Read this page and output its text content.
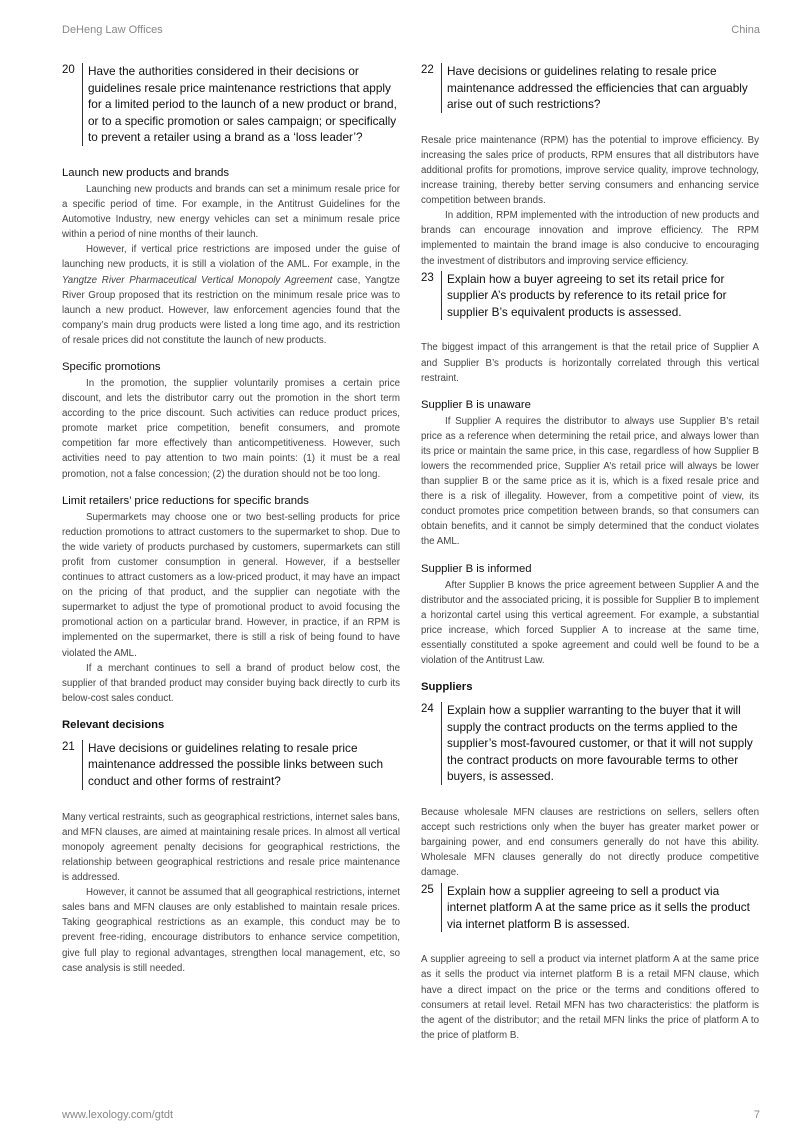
DeHeng Law Offices	China
20	Have the authorities considered in their decisions or guidelines resale price maintenance restrictions that apply for a limited period to the launch of a new product or brand, or to a specific promotion or sales campaign; or specifically to prevent a retailer using a brand as a ‘loss leader’?
Launch new products and brands

Launching new products and brands can set a minimum resale price for a specific period of time. For example, in the Antitrust Guidelines for the Automotive Industry, new energy vehicles can set a minimum resale price within a period of nine months of their launch.

However, if vertical price restrictions are imposed under the guise of launching new products, it is still a violation of the AML. For example, in the Yangtze River Pharmaceutical Vertical Monopoly Agreement case, Yangtze River Group proposed that its restriction on the minimum resale price was to launch a new product. However, law enforcement agencies found that the company’s main drug products were listed a long time ago, and its restriction of resale prices did not constitute the launch of new products.

Specific promotions

In the promotion, the supplier voluntarily promises a certain price discount, and lets the distributor carry out the promotion in the short term according to the price discount. Such activities can reduce product prices, promote market price competition, benefit consumers, and promote competition far more effectively than anticompetitiveness. However, such activities need to pay attention to two main points: (1) it must be a real promotion, not a false concession; (2) the duration should not be too long.

Limit retailers’ price reductions for specific brands

Supermarkets may choose one or two best-selling products for price reduction promotions to attract customers to the supermarket to shop. Due to the wide variety of products purchased by customers, supermarkets can still profit from customer consumption in general. However, if a bestseller continues to attract customers as a low-priced product, it may have an impact on the pricing of that product, and the supplier can negotiate with the supermarket to adjust the type of promotional product to avoid focusing the promotional action on a particular brand. However, in practice, if an RPM is implemented on the supermarket, there is still a risk of being found to have violated the AML.

If a merchant continues to sell a brand of product below cost, the supplier of that branded product may consider buying back directly to curb its below-cost sales conduct.

Relevant decisions
21	Have decisions or guidelines relating to resale price maintenance addressed the possible links between such conduct and other forms of restraint?

Many vertical restraints, such as geographical restrictions, internet sales bans, and MFN clauses, are aimed at maintaining resale prices. In almost all vertical monopoly agreement penalty decisions for geographical restrictions, the relationship between geographical restrictions and resale price maintenance is addressed.

However, it cannot be assumed that all geographical restrictions, internet sales bans and MFN clauses are only established to maintain resale prices. Taking geographical restrictions as an example, this conduct may be to prevent free-riding, encourage distributors to enhance service competition, give full play to regional advantages, strengthen local management, etc, so case analysis is still needed.

22	Have decisions or guidelines relating to resale price maintenance addressed the efficiencies that can arguably arise out of such restrictions?

Resale price maintenance (RPM) has the potential to improve efficiency. By increasing the sales price of products, RPM ensures that all distributors have additional profits for promotions, improve service quality, improve technology, increase training, thereby better serving consumers and enhancing service competition between brands.

In addition, RPM implemented with the introduction of new products and brands can encourage innovation and improve efficiency. The RPM implemented to maintain the brand image is also conducive to encouraging the investment of distributors and improving service efficiency.

23	Explain how a buyer agreeing to set its retail price for supplier A’s products by reference to its retail price for supplier B’s equivalent products is assessed.

The biggest impact of this arrangement is that the retail price of Supplier A and Supplier B’s products is horizontally correlated through this vertical restraint.

Supplier B is unaware

If Supplier A requires the distributor to always use Supplier B’s retail price as a reference when determining the retail price, and always lower than its price or maintain the same price, in this case, regardless of how Supplier B lowers the recommended price, Supplier A’s retail price will always be lower than supplier B or the same price as it is, which is a fixed resale price and there is a risk of illegality. However, from a competitive point of view, its conduct promotes price competition between brands, so that consumers can obtain benefits, and it cannot be simply determined that the conduct violates the AML.

Supplier B is informed

After Supplier B knows the price agreement between Supplier A and the distributor and the associated pricing, it is possible for Supplier B to implement a horizontal cartel using this vertical agreement. For example, a substantial price increase, which forced Supplier A to increase at the same time, essentially constituted a spoke agreement and could well be found to be a violation of the Antitrust Law.

Suppliers
24	Explain how a supplier warranting to the buyer that it will supply the contract products on the terms applied to the supplier’s most-favoured customer, or that it will not supply the contract products on more favourable terms to other buyers, is assessed.

Because wholesale MFN clauses are restrictions on sellers, sellers often accept such restrictions only when the buyer has greater market power or bargaining power, and end consumers generally do not have this ability. Wholesale MFN clauses generally do not directly produce competitive damage.

25	Explain how a supplier agreeing to sell a product via internet platform A at the same price as it sells the product via internet platform B is assessed.

A supplier agreeing to sell a product via internet platform A at the same price as it sells the product via internet platform B is a retail MFN clause, which have a direct impact on the price or the terms and conditions offered to consumers at retail level. Retail MFN has two characteristics: the platform is the agent of the distributor; and the retail MFN links the price of platform A to the price of platform B.

www.lexology.com/gtdt	7
